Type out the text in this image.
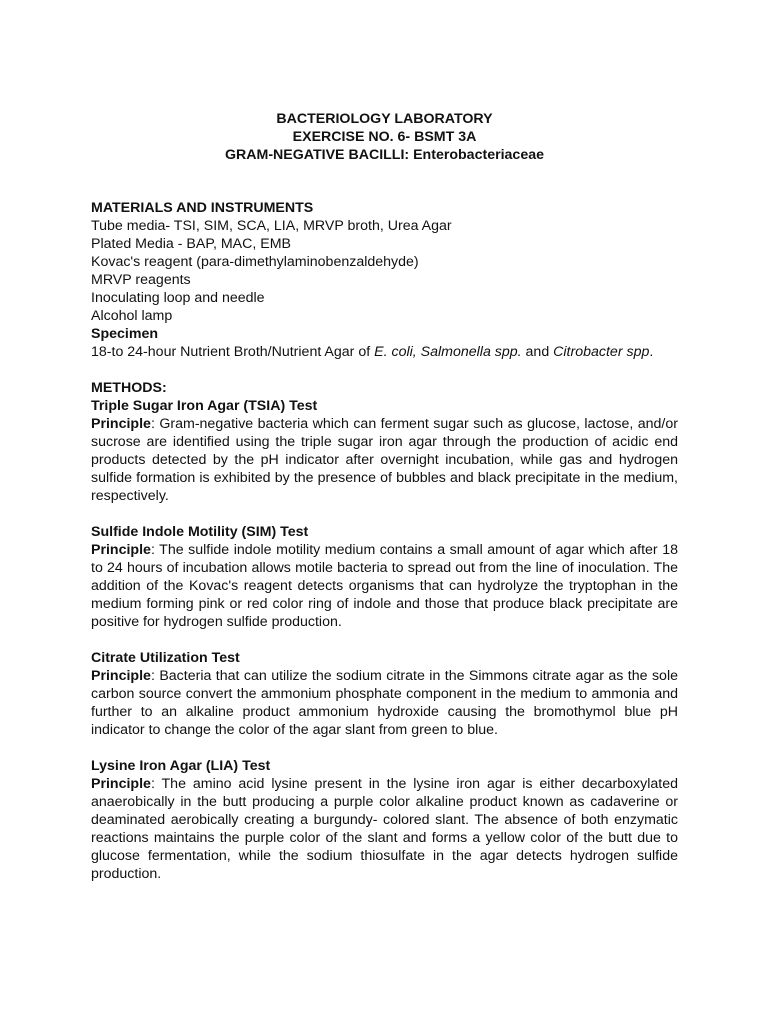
BACTERIOLOGY LABORATORY
EXERCISE NO. 6- BSMT 3A
GRAM-NEGATIVE BACILLI: Enterobacteriaceae
MATERIALS AND INSTRUMENTS
Tube media- TSI, SIM, SCA, LIA, MRVP broth, Urea Agar
Plated Media - BAP, MAC, EMB
Kovac's reagent (para-dimethylaminobenzaldehyde)
MRVP reagents
Inoculating loop and needle
Alcohol lamp
Specimen
18-to 24-hour Nutrient Broth/Nutrient Agar of E. coli, Salmonella spp. and Citrobacter spp.
METHODS:
Triple Sugar Iron Agar (TSIA) Test
Principle: Gram-negative bacteria which can ferment sugar such as glucose, lactose, and/or sucrose are identified using the triple sugar iron agar through the production of acidic end products detected by the pH indicator after overnight incubation, while gas and hydrogen sulfide formation is exhibited by the presence of bubbles and black precipitate in the medium, respectively.
Sulfide Indole Motility (SIM) Test
Principle: The sulfide indole motility medium contains a small amount of agar which after 18 to 24 hours of incubation allows motile bacteria to spread out from the line of inoculation. The addition of the Kovac's reagent detects organisms that can hydrolyze the tryptophan in the medium forming pink or red color ring of indole and those that produce black precipitate are positive for hydrogen sulfide production.
Citrate Utilization Test
Principle: Bacteria that can utilize the sodium citrate in the Simmons citrate agar as the sole carbon source convert the ammonium phosphate component in the medium to ammonia and further to an alkaline product ammonium hydroxide causing the bromothymol blue pH indicator to change the color of the agar slant from green to blue.
Lysine Iron Agar (LIA) Test
Principle: The amino acid lysine present in the lysine iron agar is either decarboxylated anaerobically in the butt producing a purple color alkaline product known as cadaverine or deaminated aerobically creating a burgundy- colored slant. The absence of both enzymatic reactions maintains the purple color of the slant and forms a yellow color of the butt due to glucose fermentation, while the sodium thiosulfate in the agar detects hydrogen sulfide production.
